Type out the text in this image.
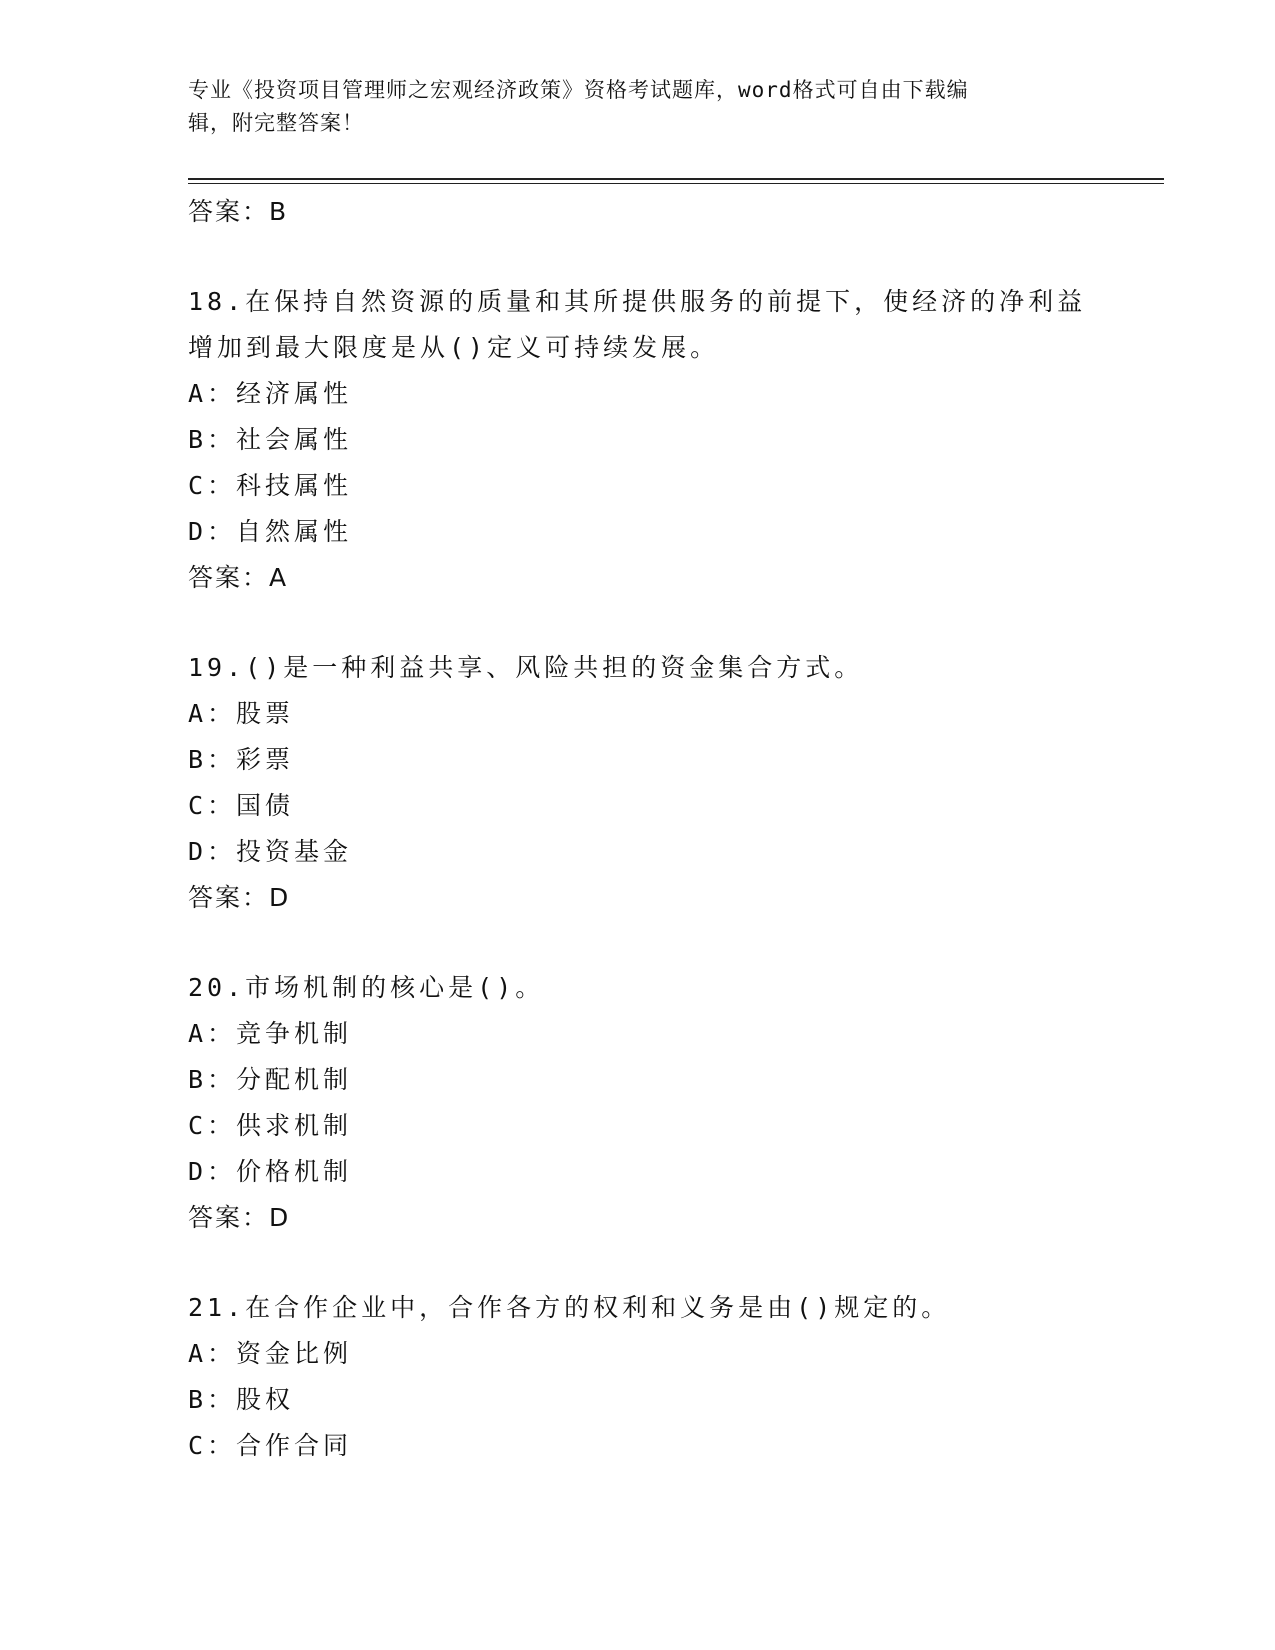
专业《投资项目管理师之宏观经济政策》资格考试题库，word格式可自由下载编
辑，附完整答案！
答案：B
18.在保持自然资源的质量和其所提供服务的前提下，使经济的净利益
增加到最大限度是从()定义可持续发展。
A：经济属性
B：社会属性
C：科技属性
D：自然属性
答案：A
19.()是一种利益共享、风险共担的资金集合方式。
A：股票
B：彩票
C：国债
D：投资基金
答案：D
20.市场机制的核心是()。
A：竞争机制
B：分配机制
C：供求机制
D：价格机制
答案：D
21.在合作企业中，合作各方的权利和义务是由()规定的。
A：资金比例
B：股权
C：合作合同
